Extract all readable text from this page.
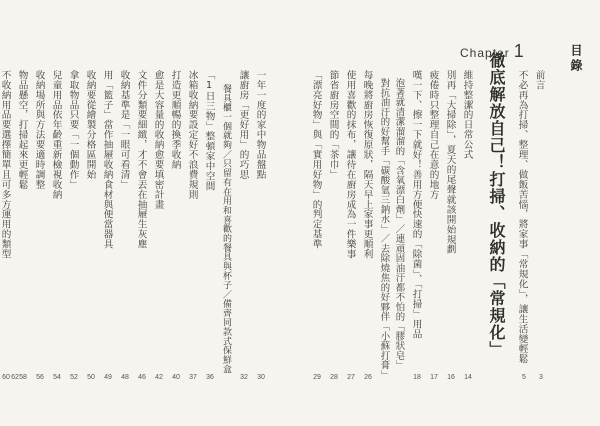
目錄
前言
不必再為打掃、整理、做飯苦惱，將家事「常規化」，讓生活變輕鬆
3
5
Chapter 1
徹底解放自己！打掃、收納的「常規化」
維持整潔的日常公式
14
別再「大掃除」，夏天的尾聲就該開始規劃
16
疲倦時只整理自己在意的地方
17
嘆一下、擦一下就好！善用方便快速的「除菌」、「打掃」用品
18
泡著就清潔溜溜的「含氧漂白劑」／連頑固油汙都不怕的「膠狀皂」
對抗油汙的好幫手「碳酸氫三鈉水」／去除燒焦的好夥伴「小蘇打膏」
每晚將廚房恢復原狀，隔天早上家事更順利
26
使用喜歡的抹布，讓待在廚房成為一件樂事
27
節省廚房空間的「茶巾」
28
「漂亮好物」與「實用好物」的判定基準
29
一年一度的家中物品盤點
30
讓廚房「更好用」的巧思
32
餐具櫃一個就夠／只留有在用和喜歡的餐具與杯子／備齊同款式保鮮盒
「1日三物」整頓家中空間
36
冰箱收納要設定好不浪費規則
37
打造更順暢的換季收納
40
愈是大容量的收納愈要填密計畫
42
文件分類要細緻，才不會丟在抽屜生灰塵
46
收納基準是「一眼可看清」
48
用「籃子」當作抽屜收納食材與便當器具
49
收納要從繪製分格區開始
50
拿取物品只要「一個動作」
52
兒童用品依年齡重新檢視收納
54
收納場所與方法要適時調整
56
物品懸空，打掃起來更輕鬆
58
不收納用品要選擇簡單且可多方運用的類型
60 62
